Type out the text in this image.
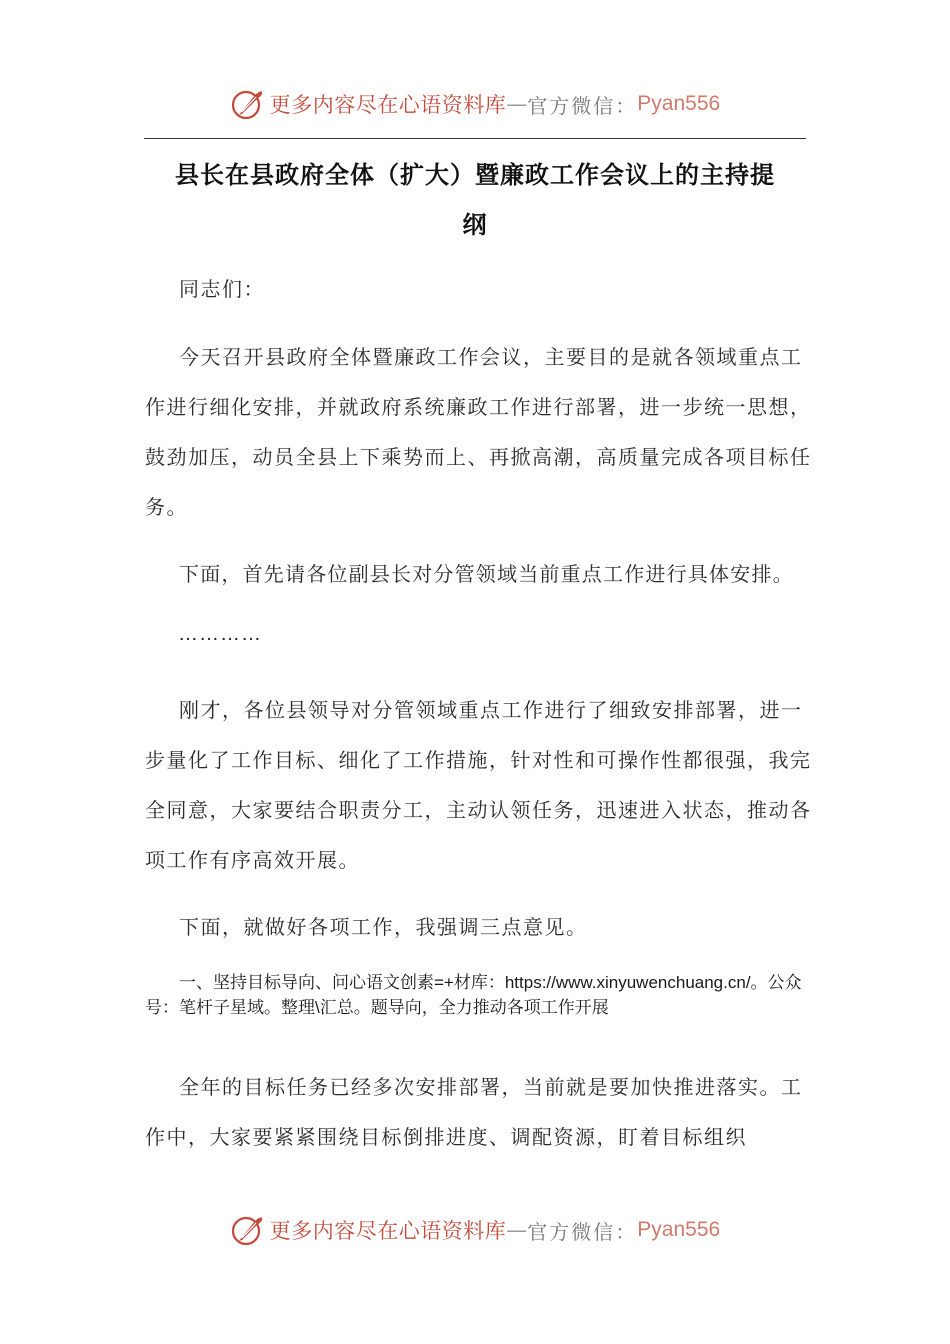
更多内容尽在心语资料库 — 官方微信： Pyan556
县长在县政府全体（扩大）暨廉政工作会议上的主持提
纲

同志们：

今天召开县政府全体暨廉政工作会议，主要目的是就各领域重点工作进行细化安排，并就政府系统廉政工作进行部署，进一步统一思想，鼓劲加压，动员全县上下乘势而上、再掀高潮，高质量完成各项目标任务。

下面，首先请各位副县长对分管领域当前重点工作进行具体安排。

…………

刚才，各位县领导对分管领域重点工作进行了细致安排部署，进一步量化了工作目标、细化了工作措施，针对性和可操作性都很强，我完全同意，大家要结合职责分工，主动认领任务，迅速进入状态，推动各项工作有序高效开展。

下面，就做好各项工作，我强调三点意见。

一、坚持目标导向、问心语文创素=+材库：https://www.xinyuwenchuang.cn/。公众号：笔杆子星域。整理\汇总。题导向，全力推动各项工作开展

全年的目标任务已经多次安排部署，当前就是要加快推进落实。工作中，大家要紧紧围绕目标倒排进度、调配资源，盯着目标组织

更多内容尽在心语资料库 — 官方微信： Pyan556
